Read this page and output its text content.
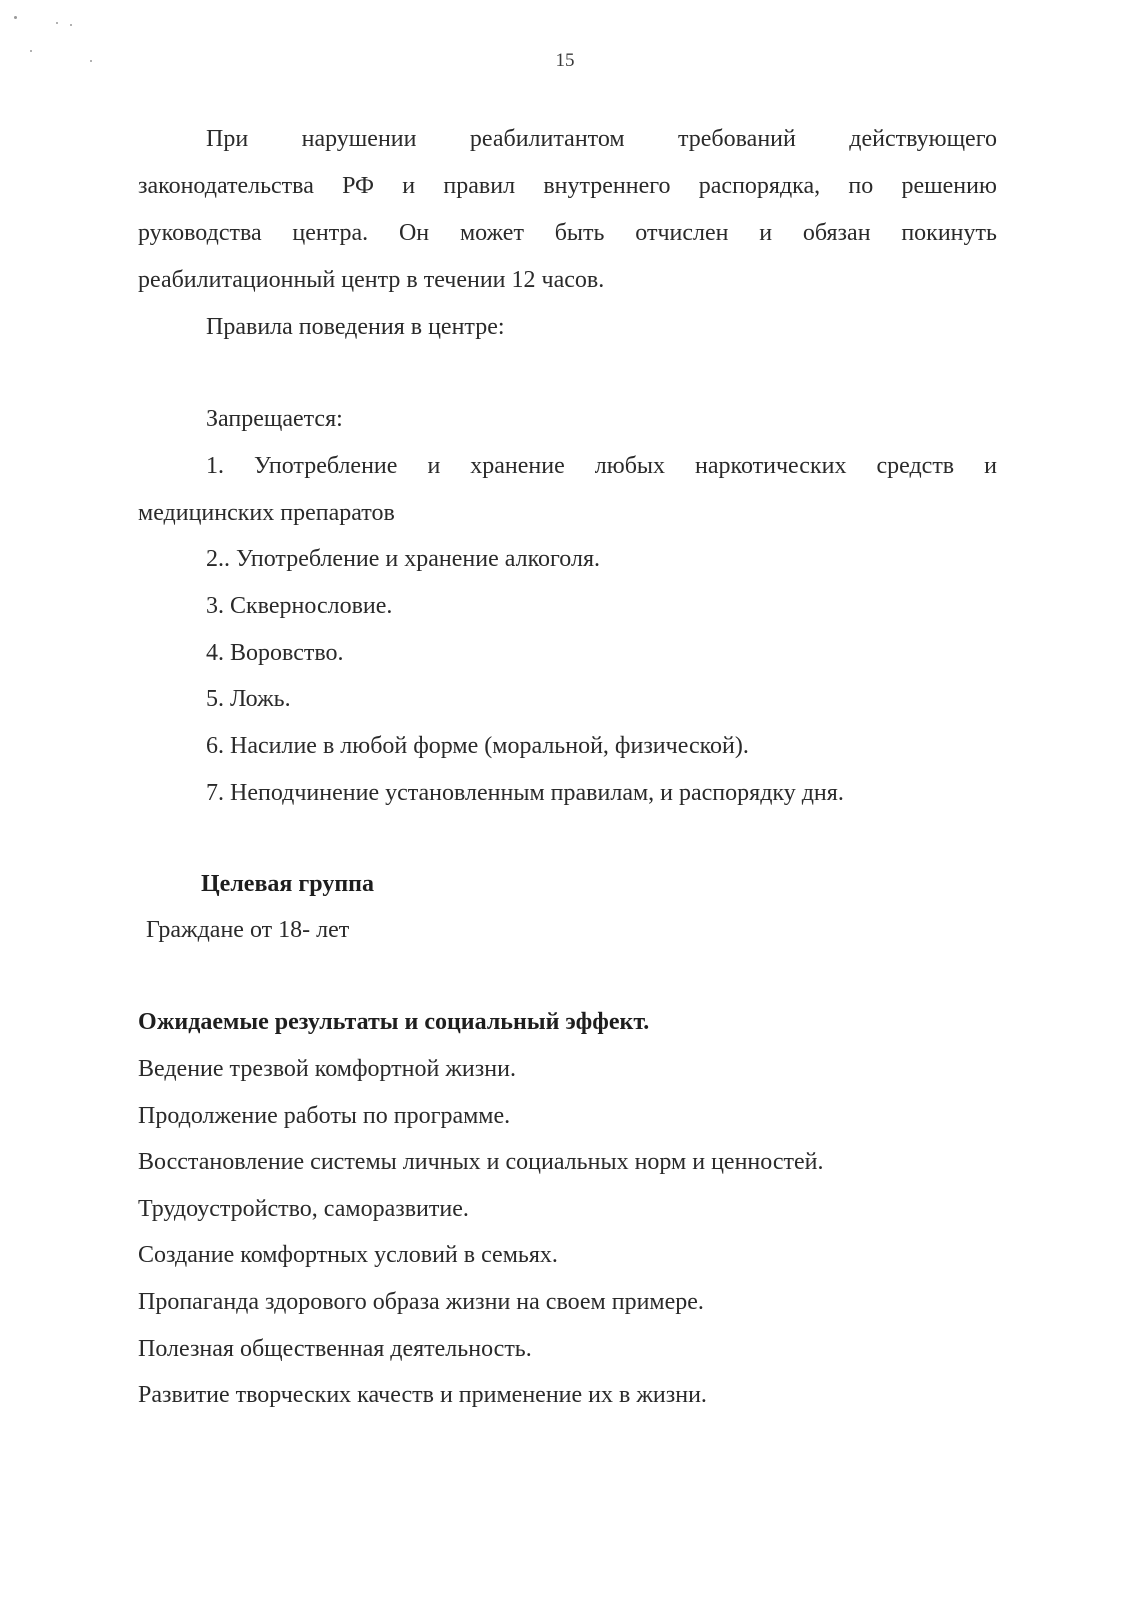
15
При нарушении реабилитантом требований действующего
законодательства РФ и правил внутреннего распорядка, по решению
руководства центра. Он может быть отчислен и обязан покинуть
реабилитационный центр в течении 12 часов.
Правила поведения в центре:
Запрещается:
1. Употребление и хранение любых наркотических средств и
медицинских препаратов
2.. Употребление и хранение алкоголя.
3. Сквернословие.
4. Воровство.
5. Ложь.
6. Насилие в любой форме (моральной, физической).
7. Неподчинение установленным правилам, и распорядку дня.
Целевая группа
Граждане от 18- лет
Ожидаемые результаты и социальный эффект.
Ведение трезвой комфортной жизни.
Продолжение работы по программе.
Восстановление системы личных и социальных норм и ценностей.
Трудоустройство, саморазвитие.
Создание комфортных условий в семьях.
Пропаганда здорового образа жизни на своем примере.
Полезная общественная деятельность.
Развитие творческих качеств и применение их в жизни.
